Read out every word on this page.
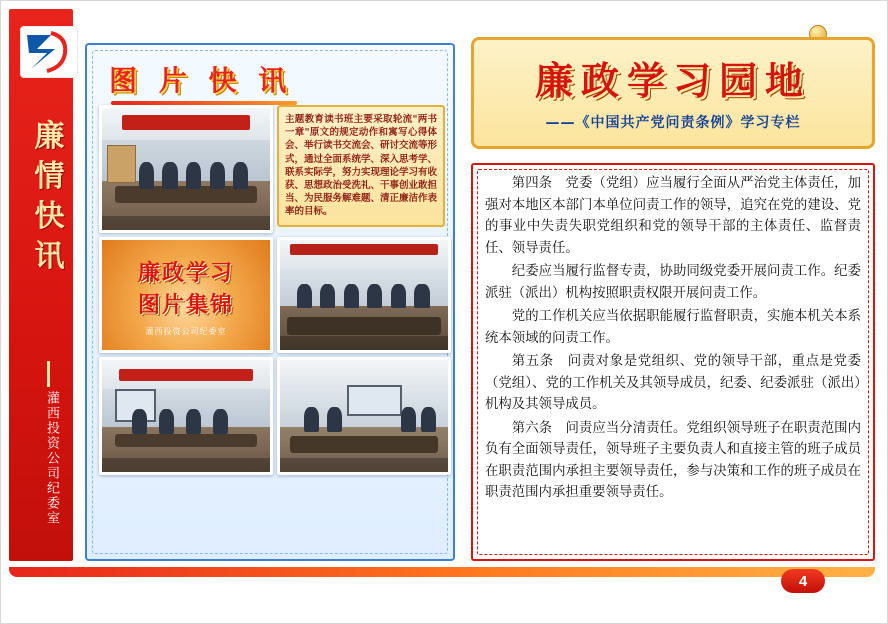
廉情快讯
灌西投资公司纪委室
图 片 快 讯

主题教育读书班主要采取轮流"两书一章"原文的规定动作和寓写心得体会、举行读书交流会、研讨交流等形式，通过全面系统学、深入思考学、联系实际学，努力实现理论学习有收获、思想政治受洗礼、干事创业敢担当、为民服务解难题、清正廉洁作表率的目标。

廉政学习
图片集锦
灌西投资公司纪委室
廉政学习园地
——《中国共产党问责条例》学习专栏

第四条　党委（党组）应当履行全面从严治党主体责任，加强对本地区本部门本单位问责工作的领导，追究在党的建设、党的事业中失责失职党组织和党的领导干部的主体责任、监督责任、领导责任。

纪委应当履行监督专责，协助同级党委开展问责工作。纪委派驻（派出）机构按照职责权限开展问责工作。

党的工作机关应当依据职能履行监督职责，实施本机关本系统本领域的问责工作。

第五条　问责对象是党组织、党的领导干部，重点是党委（党组）、党的工作机关及其领导成员，纪委、纪委派驻（派出）机构及其领导成员。

第六条　问责应当分清责任。党组织领导班子在职责范围内负有全面领导责任，领导班子主要负责人和直接主管的班子成员在职责范围内承担主要领导责任，参与决策和工作的班子成员在职责范围内承担重要领导责任。

4
